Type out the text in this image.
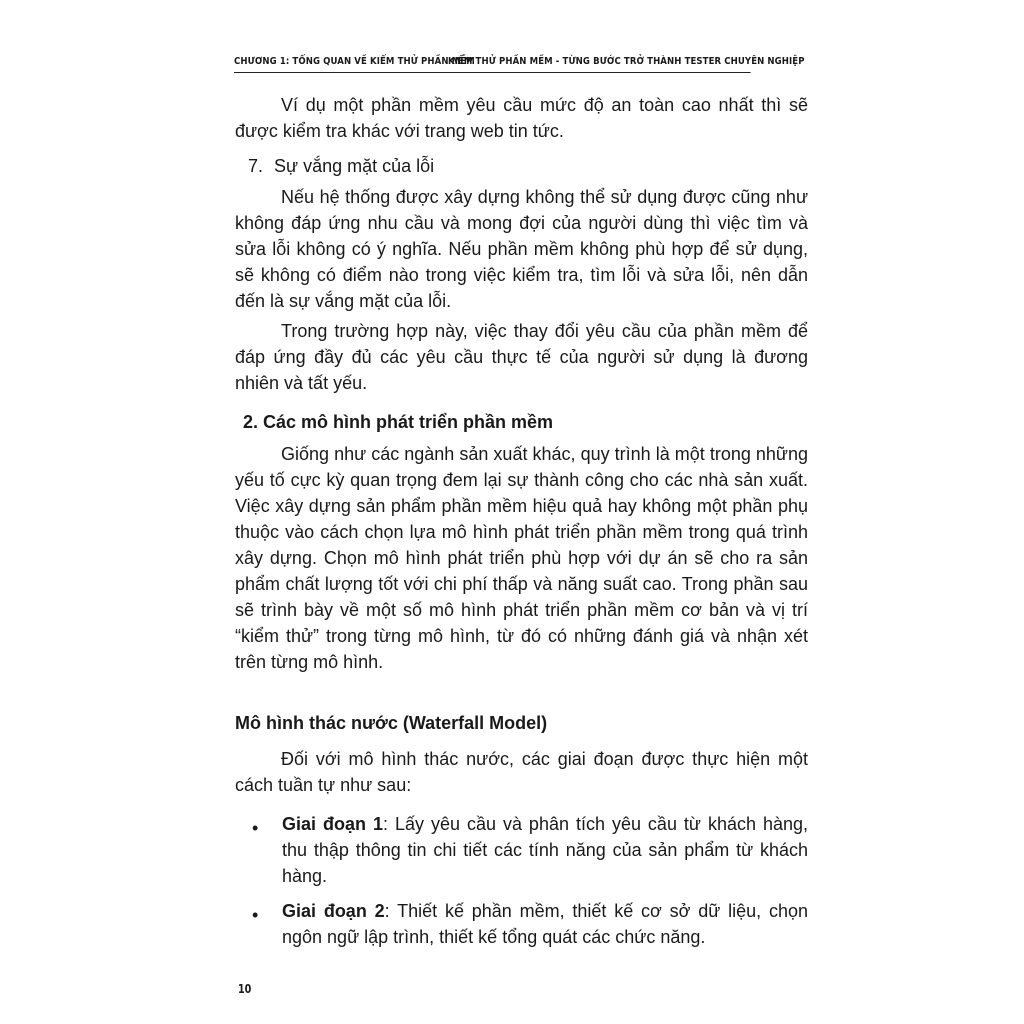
CHƯƠNG 1: TỔNG QUAN VỀ KIỂM THỬ PHẦN MỀM
KIỂM THỬ PHẦN MỀM - TỪNG BƯỚC TRỞ THÀNH TESTER CHUYÊN NGHIỆP

Ví dụ một phần mềm yêu cầu mức độ an toàn cao nhất thì sẽ được kiểm tra khác với trang web tin tức.

7. Sự vắng mặt của lỗi

Nếu hệ thống được xây dựng không thể sử dụng được cũng như không đáp ứng nhu cầu và mong đợi của người dùng thì việc tìm và sửa lỗi không có ý nghĩa. Nếu phần mềm không phù hợp để sử dụng, sẽ không có điểm nào trong việc kiểm tra, tìm lỗi và sửa lỗi, nên dẫn đến là sự vắng mặt của lỗi.

Trong trường hợp này, việc thay đổi yêu cầu của phần mềm để đáp ứng đầy đủ các yêu cầu thực tế của người sử dụng là đương nhiên và tất yếu.

2. Các mô hình phát triển phần mềm

Giống như các ngành sản xuất khác, quy trình là một trong những yếu tố cực kỳ quan trọng đem lại sự thành công cho các nhà sản xuất. Việc xây dựng sản phẩm phần mềm hiệu quả hay không một phần phụ thuộc vào cách chọn lựa mô hình phát triển phần mềm trong quá trình xây dựng. Chọn mô hình phát triển phù hợp với dự án sẽ cho ra sản phẩm chất lượng tốt với chi phí thấp và năng suất cao. Trong phần sau sẽ trình bày về một số mô hình phát triển phần mềm cơ bản và vị trí “kiểm thử” trong từng mô hình, từ đó có những đánh giá và nhận xét trên từng mô hình.

Mô hình thác nước (Waterfall Model)

Đối với mô hình thác nước, các giai đoạn được thực hiện một cách tuần tự như sau:

• Giai đoạn 1: Lấy yêu cầu và phân tích yêu cầu từ khách hàng, thu thập thông tin chi tiết các tính năng của sản phẩm từ khách hàng.

• Giai đoạn 2: Thiết kế phần mềm, thiết kế cơ sở dữ liệu, chọn ngôn ngữ lập trình, thiết kế tổng quát các chức năng.

10
